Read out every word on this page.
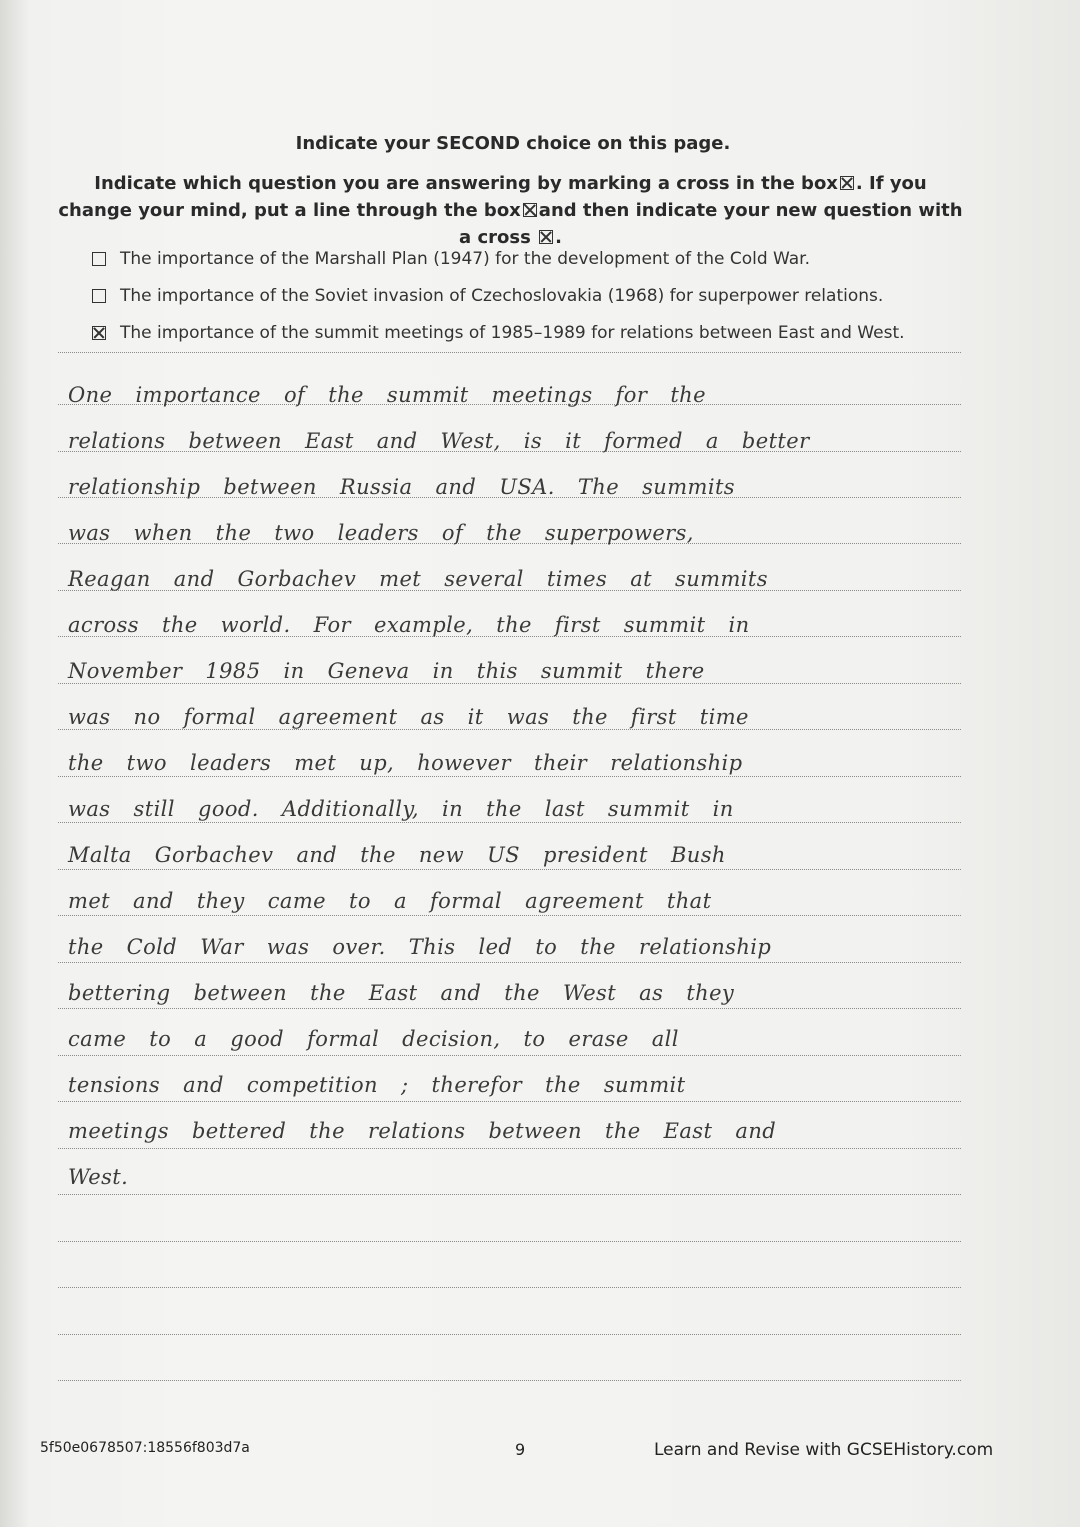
Indicate your SECOND choice on this page.
Indicate which question you are answering by marking a cross in the box ☒ . If you change your mind, put a line through the box and then indicate your new question with a cross ☒ .
The importance of the Marshall Plan (1947) for the development of the Cold War.
The importance of the Soviet invasion of Czechoslovakia (1968) for superpower relations.
The importance of the summit meetings of 1985–1989 for relations between East and West.
One importance of the summit meetings for the
relations between East and West, is it formed a better
relationship between Russia and USA. The summits
was when the two leaders of the superpowers,
Reagan and Gorbachev met several times at summits
across the world. For example, the first summit in
November 1985 in Geneva in this summit there
was no formal agreement as it was the first time
the two leaders met up, however their relationship
was still good. Additionally, in the last summit in
Malta Gorbachev and the new US president Bush
met and they came to a formal agreement that
the Cold War was over. This led to the relationship
bettering between the East and the West as they
came to a good formal decision, to erase all
tensions and competition ; therefor the summit
meetings bettered the relations between the East and
West.
5f50e0678507:18556f803d7a	9	Learn and Revise with GCSEHistory.com
